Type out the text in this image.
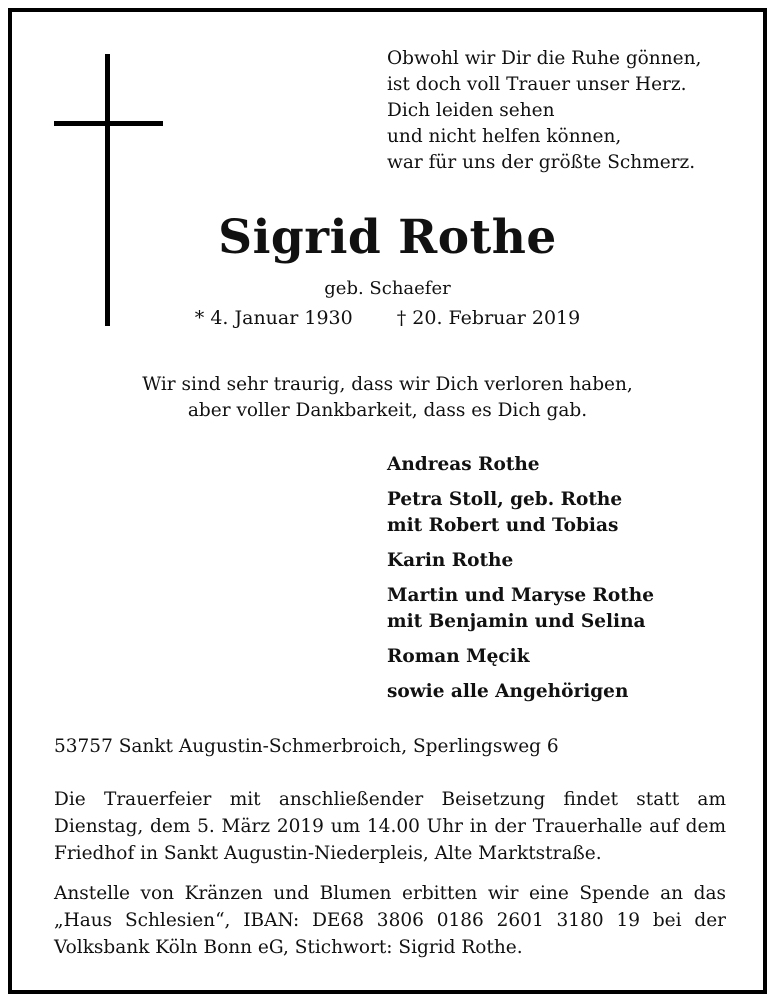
Obwohl wir Dir die Ruhe gönnen,
ist doch voll Trauer unser Herz.
Dich leiden sehen
und nicht helfen können,
war für uns der größte Schmerz.
Sigrid Rothe
geb. Schaefer
* 4. Januar 1930 † 20. Februar 2019
Wir sind sehr traurig, dass wir Dich verloren haben,
aber voller Dankbarkeit, dass es Dich gab.
Andreas Rothe
Petra Stoll, geb. Rothe
mit Robert und Tobias
Karin Rothe
Martin und Maryse Rothe
mit Benjamin und Selina
Roman Męcik
sowie alle Angehörigen
53757 Sankt Augustin-Schmerbroich, Sperlingsweg 6
Die Trauerfeier mit anschließender Beisetzung findet statt am Dienstag, dem 5. März 2019 um 14.00 Uhr in der Trauerhalle auf dem Friedhof in Sankt Augustin-Niederpleis, Alte Marktstraße.
Anstelle von Kränzen und Blumen erbitten wir eine Spende an das „Haus Schlesien“, IBAN: DE68 3806 0186 2601 3180 19 bei der Volksbank Köln Bonn eG, Stichwort: Sigrid Rothe.
